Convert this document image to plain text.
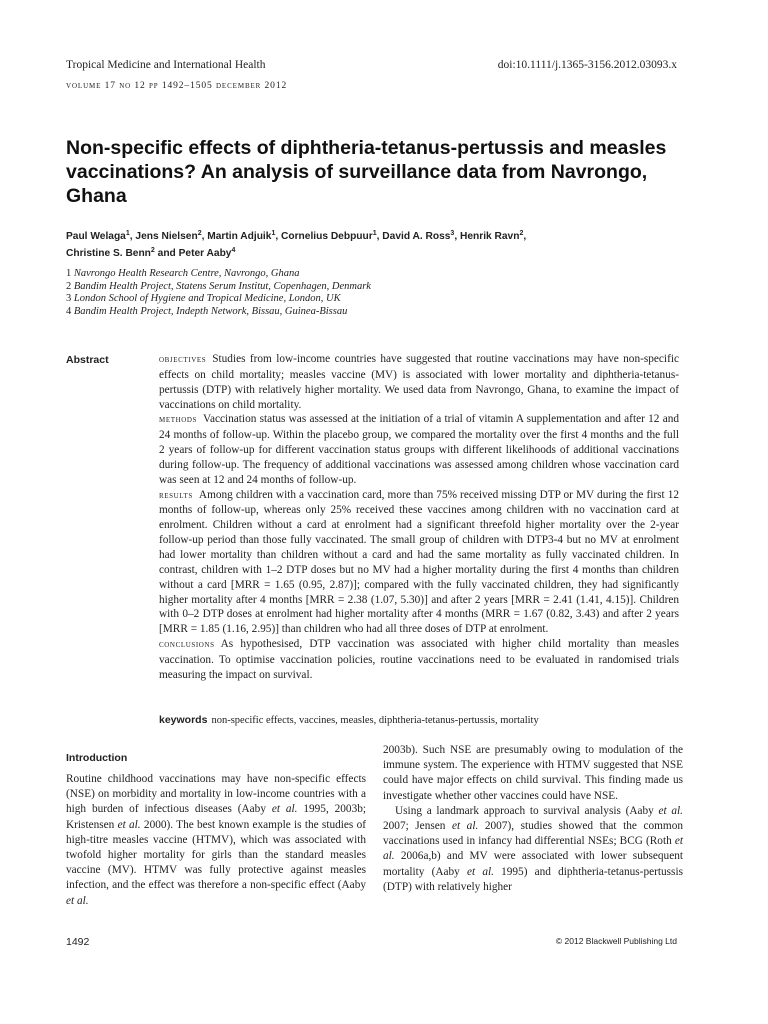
Tropical Medicine and International Health	doi:10.1111/j.1365-3156.2012.03093.x
volume 17 no 12 pp 1492–1505 december 2012
Non-specific effects of diphtheria-tetanus-pertussis and measles vaccinations? An analysis of surveillance data from Navrongo, Ghana
Paul Welaga$^1$, Jens Nielsen$^2$, Martin Adjuik$^1$, Cornelius Debpuur$^1$, David A. Ross$^3$, Henrik Ravn$^2$,
Christine S. Benn$^2$ and Peter Aaby$^4$
1 Navrongo Health Research Centre, Navrongo, Ghana
2 Bandim Health Project, Statens Serum Institut, Copenhagen, Denmark
3 London School of Hygiene and Tropical Medicine, London, UK
4 Bandim Health Project, Indepth Network, Bissau, Guinea-Bissau
Abstract	objectives Studies from low-income countries have suggested that routine vaccinations may have non-specific effects on child mortality; measles vaccine (MV) is associated with lower mortality and diphtheria-tetanus-pertussis (DTP) with relatively higher mortality. We used data from Navrongo, Ghana, to examine the impact of vaccinations on child mortality.

methods Vaccination status was assessed at the initiation of a trial of vitamin A supplementation and after 12 and 24 months of follow-up. Within the placebo group, we compared the mortality over the first 4 months and the full 2 years of follow-up for different vaccination status groups with different likelihoods of additional vaccinations during follow-up. The frequency of additional vaccinations was assessed among children whose vaccination card was seen at 12 and 24 months of follow-up.

results Among children with a vaccination card, more than 75% received missing DTP or MV during the first 12 months of follow-up, whereas only 25% received these vaccines among children with no vaccination card at enrolment. Children without a card at enrolment had a significant threefold higher mortality over the 2-year follow-up period than those fully vaccinated. The small group of children with DTP3-4 but no MV at enrolment had lower mortality than children without a card and had the same mortality as fully vaccinated children. In contrast, children with 1–2 DTP doses but no MV had a higher mortality during the first 4 months than children without a card [MRR = 1.65 (0.95, 2.87)]; compared with the fully vaccinated children, they had significantly higher mortality after 4 months [MRR = 2.38 (1.07, 5.30)] and after 2 years [MRR = 2.41 (1.41, 4.15)]. Children with 0–2 DTP doses at enrolment had higher mortality after 4 months (MRR = 1.67 (0.82, 3.43) and after 2 years [MRR = 1.85 (1.16, 2.95)] than children who had all three doses of DTP at enrolment.

conclusions As hypothesised, DTP vaccination was associated with higher child mortality than measles vaccination. To optimise vaccination policies, routine vaccinations need to be evaluated in randomised trials measuring the impact on survival.

keywords non-specific effects, vaccines, measles, diphtheria-tetanus-pertussis, mortality
Introduction

Routine childhood vaccinations may have non-specific effects (NSE) on morbidity and mortality in low-income countries with a high burden of infectious diseases (Aaby et al. 1995, 2003b; Kristensen et al. 2000). The best known example is the studies of high-titre measles vaccine (HTMV), which was associated with twofold higher mortality for girls than the standard measles vaccine (MV). HTMV was fully protective against measles infection, and the effect was therefore a non-specific effect (Aaby et al.

2003b). Such NSE are presumably owing to modulation of the immune system. The experience with HTMV suggested that NSE could have major effects on child survival. This finding made us investigate whether other vaccines could have NSE.

Using a landmark approach to survival analysis (Aaby et al. 2007; Jensen et al. 2007), studies showed that the common vaccinations used in infancy had differential NSEs; BCG (Roth et al. 2006a,b) and MV were associated with lower subsequent mortality (Aaby et al. 1995) and diphtheria-tetanus-pertussis (DTP) with relatively higher

1492	© 2012 Blackwell Publishing Ltd
